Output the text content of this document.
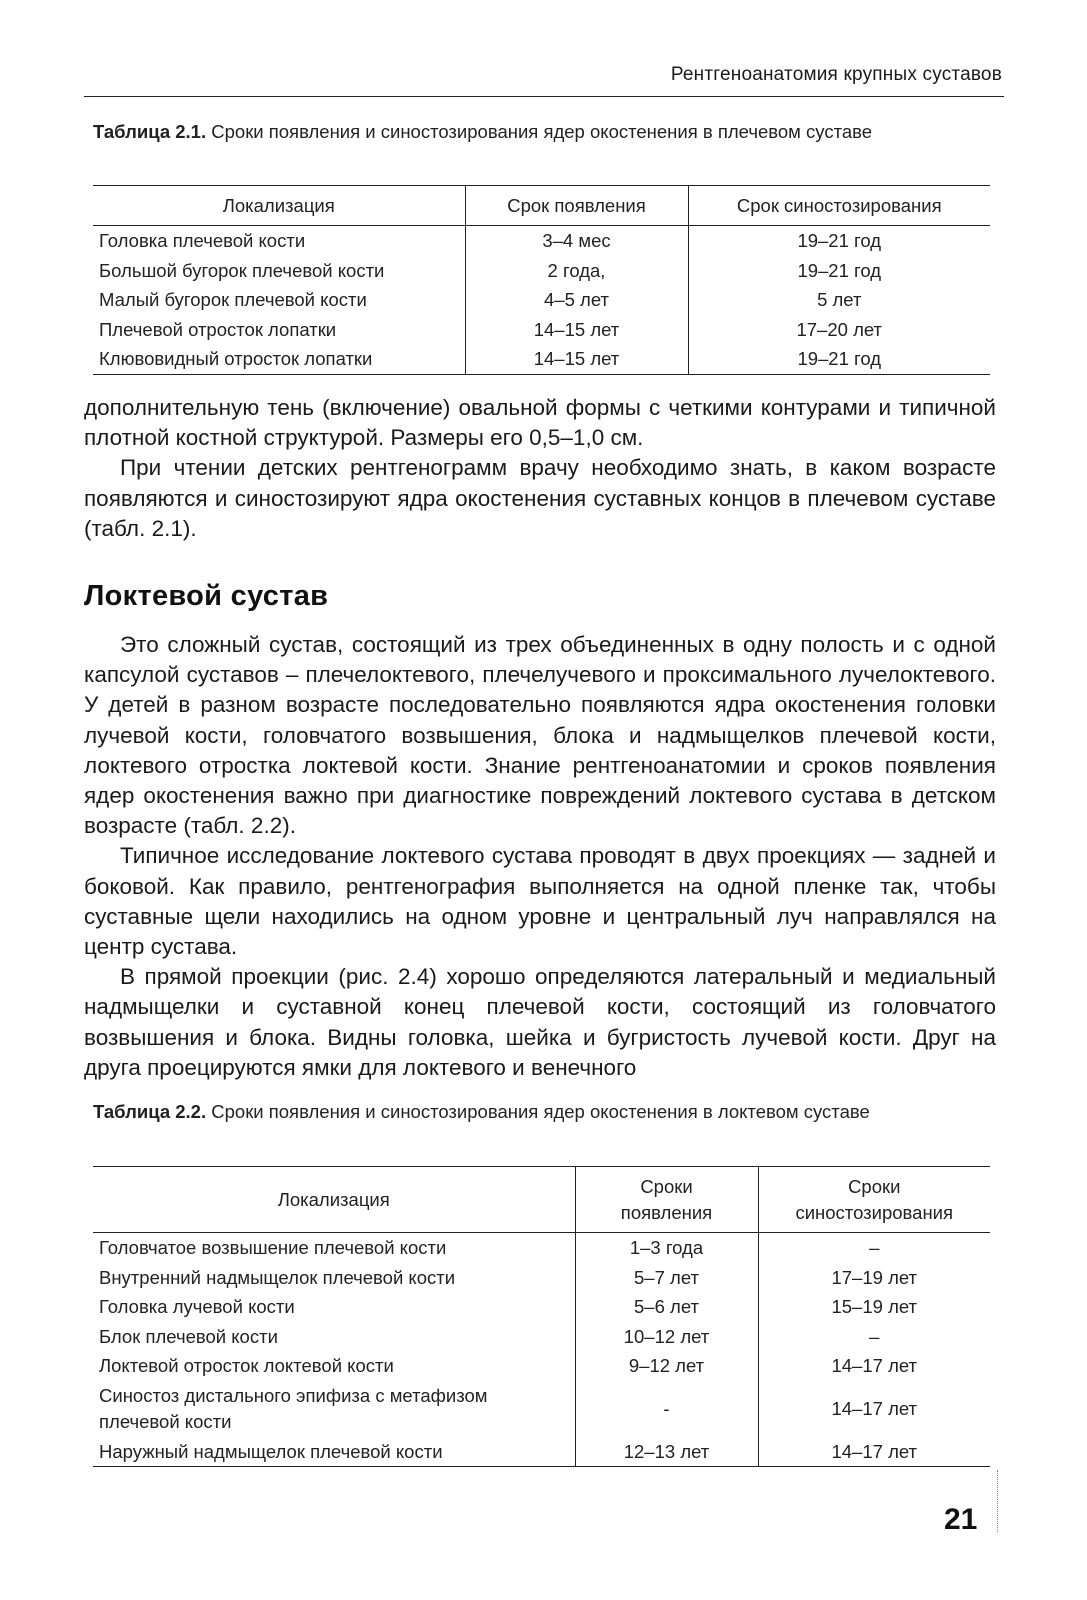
Рентгеноанатомия крупных суставов
Таблица 2.1. Сроки появления и синостозирования ядер окостенения в плечевом суставе
Локализация	Срок появления	Срок синостозирования
Головка плечевой кости	3–4 мес	19–21 год
Большой бугорок плечевой кости	2 года,	19–21 год
Малый бугорок плечевой кости	4–5 лет	5 лет
Плечевой отросток лопатки	14–15 лет	17–20 лет
Клювовидный отросток лопатки	14–15 лет	19–21 год

дополнительную тень (включение) овальной формы с четкими контурами и типичной плотной костной структурой. Размеры его 0,5–1,0 см.

При чтении детских рентгенограмм врачу необходимо знать, в каком возрасте появляются и синостозируют ядра окостенения суставных концов в плечевом суставе (табл. 2.1).

Локтевой сустав

Это сложный сустав, состоящий из трех объединенных в одну полость и с одной капсулой суставов – плечелоктевого, плечелучевого и проксимального лучелоктевого. У детей в разном возрасте последовательно появляются ядра окостенения головки лучевой кости, головчатого возвышения, блока и надмыщелков плечевой кости, локтевого отростка локтевой кости. Знание рентгеноанатомии и сроков появления ядер окостенения важно при диагностике повреждений локтевого сустава в детском возрасте (табл. 2.2).

Типичное исследование локтевого сустава проводят в двух проекциях — задней и боковой. Как правило, рентгенография выполняется на одной пленке так, чтобы суставные щели находились на одном уровне и центральный луч направлялся на центр сустава.

В прямой проекции (рис. 2.4) хорошо определяются латеральный и медиальный надмыщелки и суставной конец плечевой кости, состоящий из головчатого возвышения и блока. Видны головка, шейка и бугристость лучевой кости. Друг на друга проецируются ямки для локтевого и венечного

Таблица 2.2. Сроки появления и синостозирования ядер окостенения в локтевом суставе
Локализация	Сроки появления	Сроки синостозирования
Головчатое возвышение плечевой кости	1–3 года	–
Внутренний надмыщелок плечевой кости	5–7 лет	17–19 лет
Головка лучевой кости	5–6 лет	15–19 лет
Блок плечевой кости	10–12 лет	–
Локтевой отросток локтевой кости	9–12 лет	14–17 лет
Синостоз дистального эпифиза с метафизом плечевой кости	-	14–17 лет
Наружный надмыщелок плечевой кости	12–13 лет	14–17 лет
21
